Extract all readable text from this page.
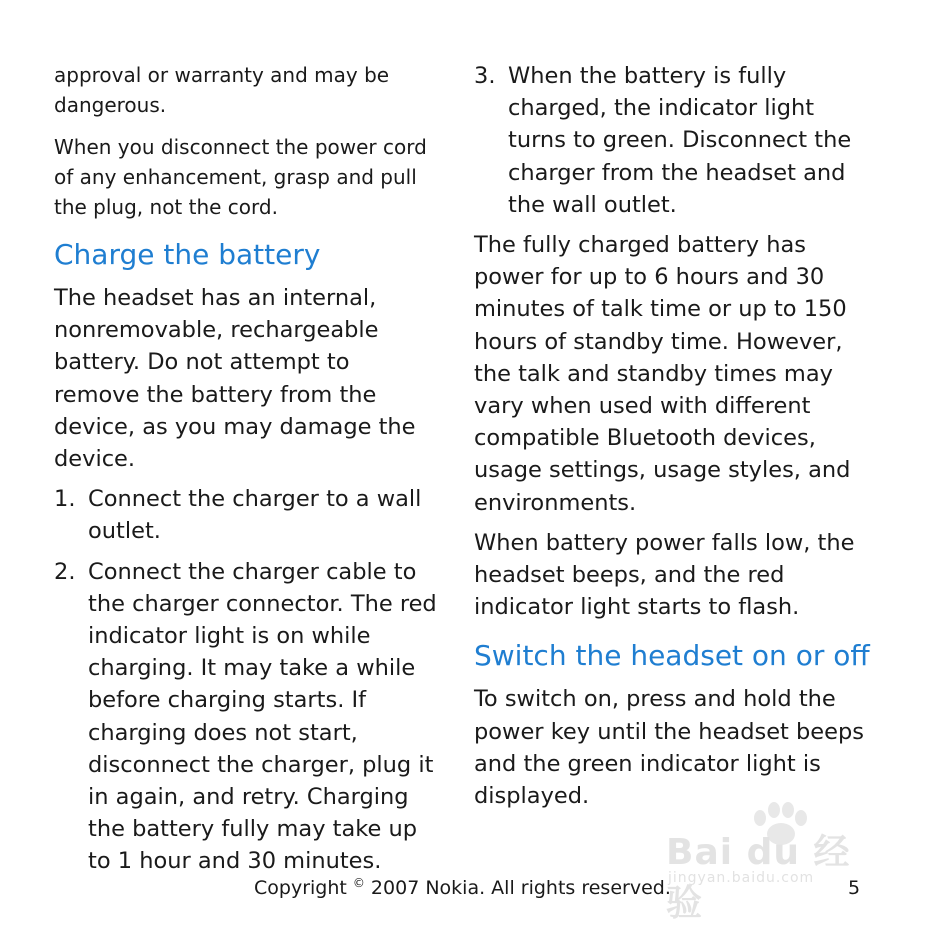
approval or warranty and may be dangerous.

When you disconnect the power cord of any enhancement, grasp and pull the plug, not the cord.

Charge the battery

The headset has an internal, nonremovable, rechargeable battery. Do not attempt to remove the battery from the device, as you may damage the device.

1. Connect the charger to a wall outlet.
2. Connect the charger cable to the charger connector. The red indicator light is on while charging. It may take a while before charging starts. If charging does not start, disconnect the charger, plug it in again, and retry. Charging the battery fully may take up to 1 hour and 30 minutes.
3. When the battery is fully charged, the indicator light turns to green. Disconnect the charger from the headset and the wall outlet.

The fully charged battery has power for up to 6 hours and 30 minutes of talk time or up to 150 hours of standby time. However, the talk and standby times may vary when used with different compatible Bluetooth devices, usage settings, usage styles, and environments.

When battery power falls low, the headset beeps, and the red indicator light starts to flash.

Switch the headset on or off

To switch on, press and hold the power key until the headset beeps and the green indicator light is displayed.

Bai du 经验
jingyan.baidu.com
Copyright © 2007 Nokia. All rights reserved.	5
